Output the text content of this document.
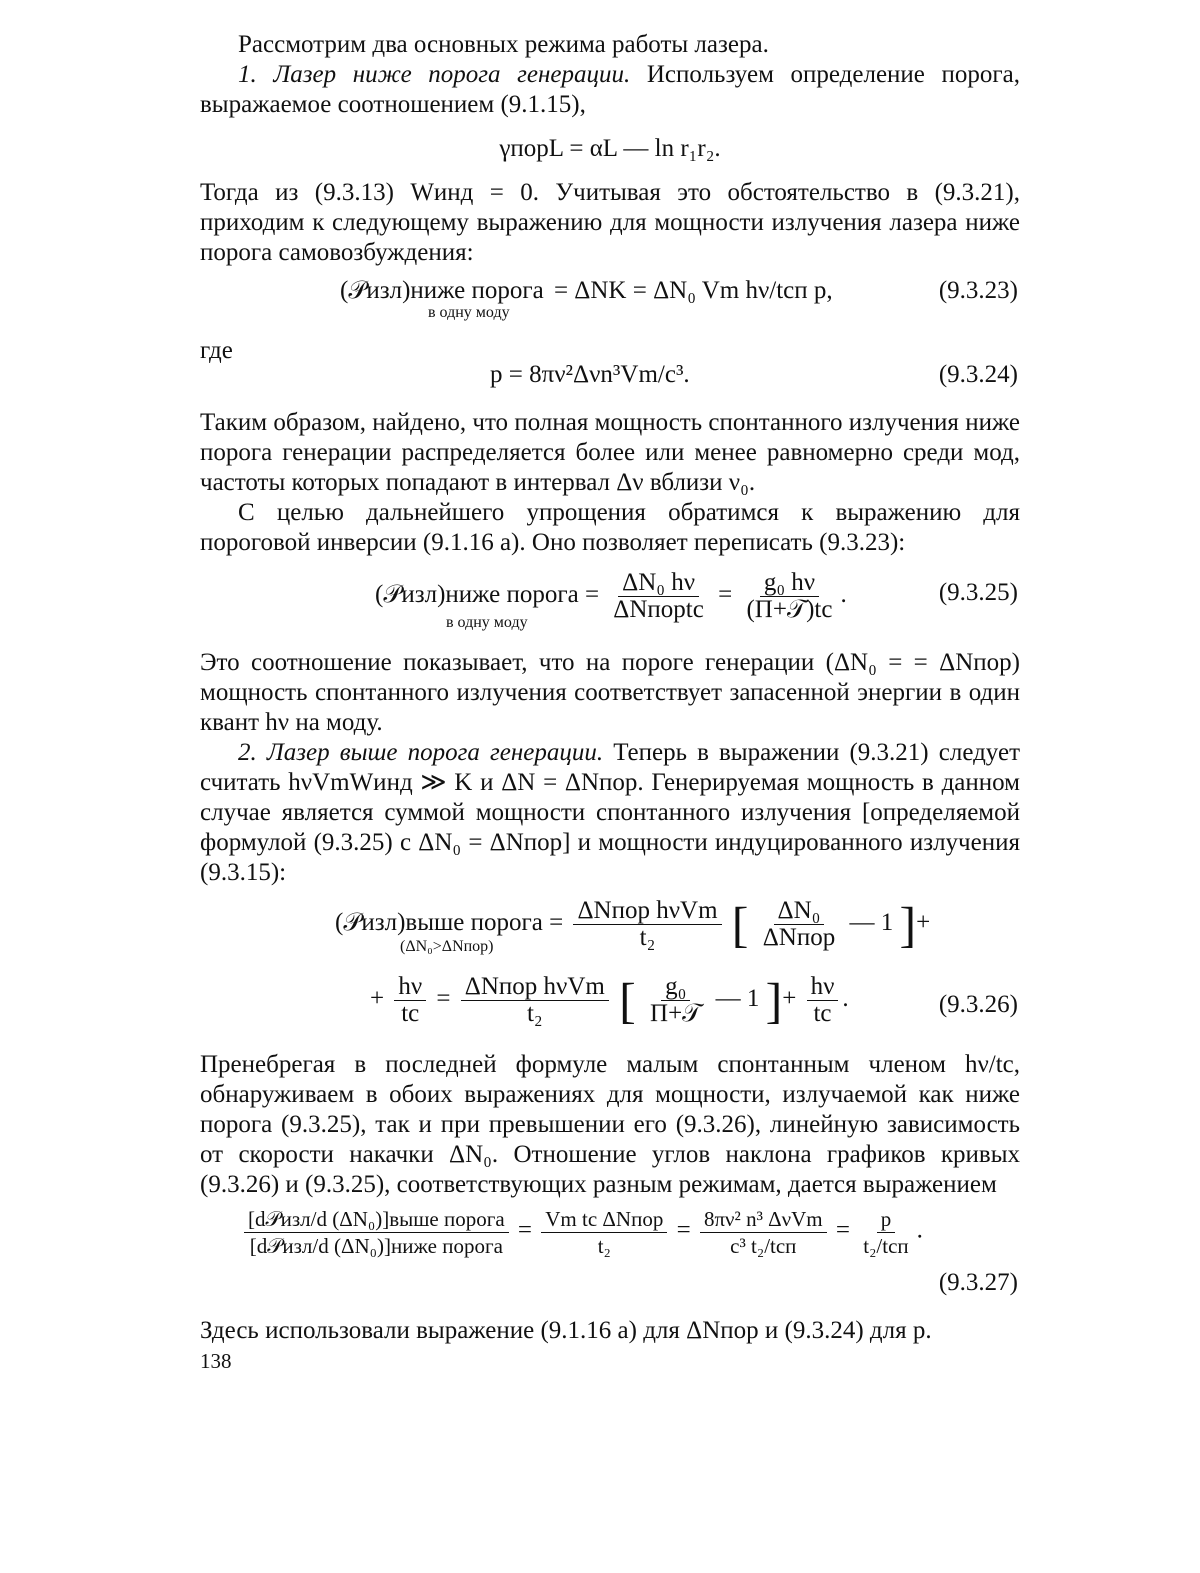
Рассмотрим два основных режима работы лазера.

1. Лазер ниже порога генерации. Используем определение порога, выражаемое соотношением (9.1.15),

γпорL = αL — ln r₁r₂.

Тогда из (9.3.13) Wинд = 0. Учитывая это обстоятельство в (9.3.21), приходим к следующему выражению для мощности излучения лазера ниже порога самовозбуждения:

(𝒫изл)ниже порога = ΔNK = ΔN₀ Vm hν/tсп p,
в одну моду
(9.3.23)
где
p = 8πν²Δνn³Vm/c³.	(9.3.24)

Таким образом, найдено, что полная мощность спонтанного излучения ниже порога генерации распределяется более или менее равномерно среди мод, частоты которых попадают в интервал Δν вблизи ν₀.

С целью дальнейшего упрощения обратимся к выражению для пороговой инверсии (9.1.16 а). Оно позволяет переписать (9.3.23):

(𝒫изл)ниже порога = $\frac{\text{ΔN₀ hν}}{\text{ΔNпорtc}} = \frac{\text{g₀ hν}}{\text{(Π+𝒯)tc}}$ .
в одну моду
(9.3.25)

Это соотношение показывает, что на пороге генерации (ΔN₀ = = ΔNпор) мощность спонтанного излучения соответствует запасенной энергии в один квант hν на моду.

2. Лазер выше порога генерации. Теперь в выражении (9.3.21) следует считать hνVmWинд ≫ K и ΔN = ΔNпор. Генерируемая мощность в данном случае является суммой мощности спонтанного излучения [определяемой формулой (9.3.25) с ΔN₀ = ΔNпор] и мощности индуцированного излучения (9.3.15):

(𝒫изл)выше порога = $\frac{\text{ΔNпор hνVm}}{\text{t₂}}$ [ $\frac{\text{ΔN₀}}{\text{ΔNпор}}$ — 1 ]+
(ΔN₀>ΔNпор)
+ $\frac{h\nu}{tc} = \frac{\text{ΔNпор hνVm}}{\text{t₂}}$ [ $\frac{\text{g₀}}{\text{Π+𝒯}}$ — 1 ]+ $\frac{h\nu}{tc}$ .	(9.3.26)

Пренебрегая в последней формуле малым спонтанным членом hν/tc, обнаруживаем в обоих выражениях для мощности, излучаемой как ниже порога (9.3.25), так и при превышении его (9.3.26), линейную зависимость от скорости накачки ΔN₀. Отношение углов наклона графиков кривых (9.3.26) и (9.3.25), соответствующих разным режимам, дается выражением

$\frac{\text{[d𝒫изл/d (ΔN₀)]выше порога}}{\text{[d𝒫изл/d (ΔN₀)]ниже порога}} = \frac{\text{Vm tc ΔNпор}}{\text{t₂}} = \frac{\text{8πν² n³ ΔνVm}}{\text{c³ t₂/tсп}} = \frac{p}{\text{t₂/tсп}}$ .
(9.3.27)

Здесь использовали выражение (9.1.16 а) для ΔNпор и (9.3.24) для p.

138
